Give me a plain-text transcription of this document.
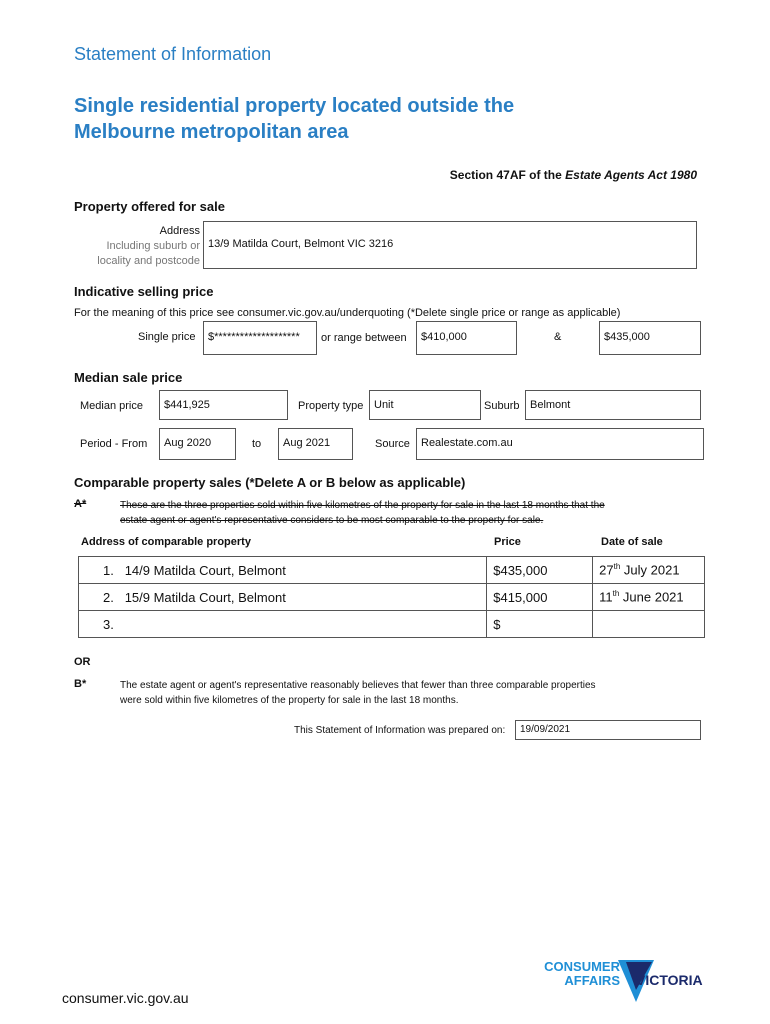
Statement of Information
Single residential property located outside the
Melbourne metropolitan area
Section 47AF of the Estate Agents Act 1980
Property offered for sale
Address
Including suburb or
locality and postcode
13/9 Matilda Court, Belmont VIC 3216
Indicative selling price
For the meaning of this price see consumer.vic.gov.au/underquoting (*Delete single price or range as applicable)
Single price	$********************	or range between	$410,000	&	$435,000
Median sale price
Median price	$441,925	Property type Unit	Suburb Belmont
Period - From	Aug 2020	to	Aug 2021	Source	Realestate.com.au
Comparable property sales (*Delete A or B below as applicable)
A*	These are the three properties sold within five kilometres of the property for sale in the last 18 months that the
estate agent or agent's representative considers to be most comparable to the property for sale.
Address of comparable property	Price	Date of sale
1. 14/9 Matilda Court, Belmont	$435,000	27th July 2021
2. 15/9 Matilda Court, Belmont	$415,000	11th June 2021
3.	$	
OR
B*	The estate agent or agent's representative reasonably believes that fewer than three comparable properties
were sold within five kilometres of the property for sale in the last 18 months.
This Statement of Information was prepared on:	19/09/2021
consumer.vic.gov.au
CONSUMER
AFFAIRS VICTORIA
